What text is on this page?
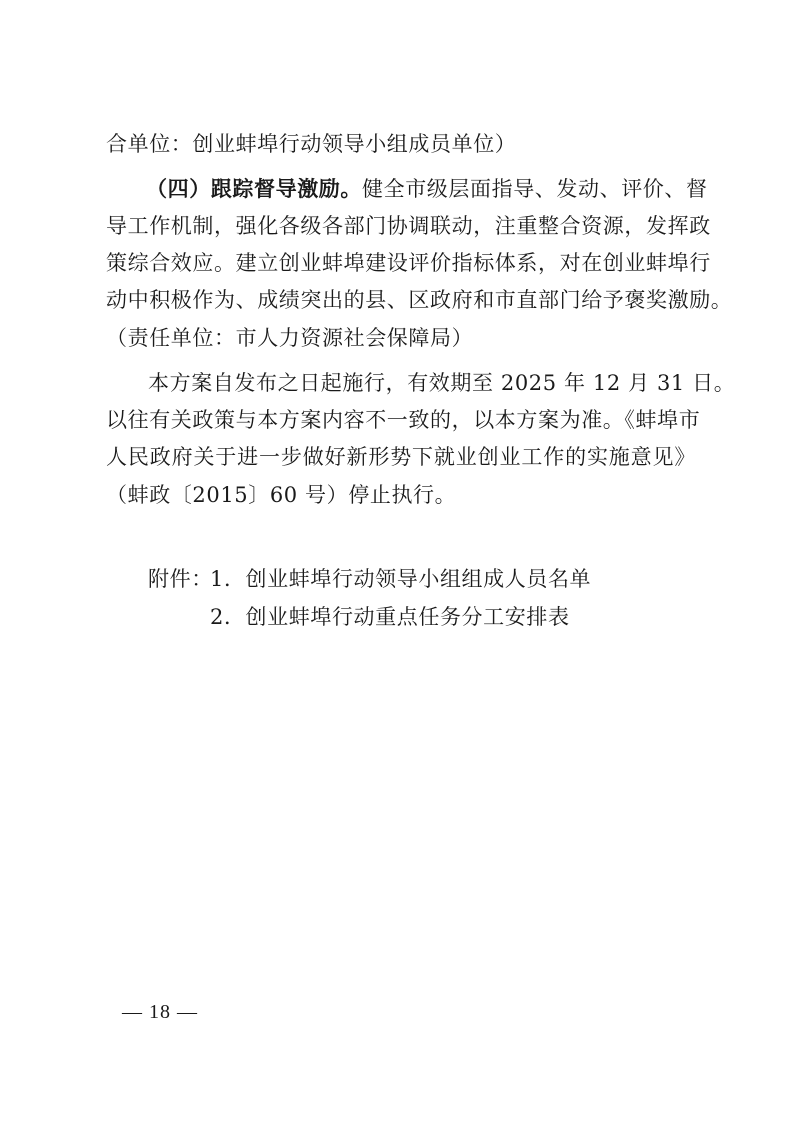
合单位：创业蚌埠行动领导小组成员单位）
（四）跟踪督导激励。健全市级层面指导、发动、评价、督
导工作机制，强化各级各部门协调联动，注重整合资源，发挥政
策综合效应。建立创业蚌埠建设评价指标体系，对在创业蚌埠行
动中积极作为、成绩突出的县、区政府和市直部门给予褒奖激励。
（责任单位：市人力资源社会保障局）
本方案自发布之日起施行，有效期至 2025 年 12 月 31 日。
以往有关政策与本方案内容不一致的，以本方案为准。《蚌埠市
人民政府关于进一步做好新形势下就业创业工作的实施意见》
（蚌政〔2015〕60 号）停止执行。
附件：
1．创业蚌埠行动领导小组组成人员名单
2．创业蚌埠行动重点任务分工安排表
— 18 —
